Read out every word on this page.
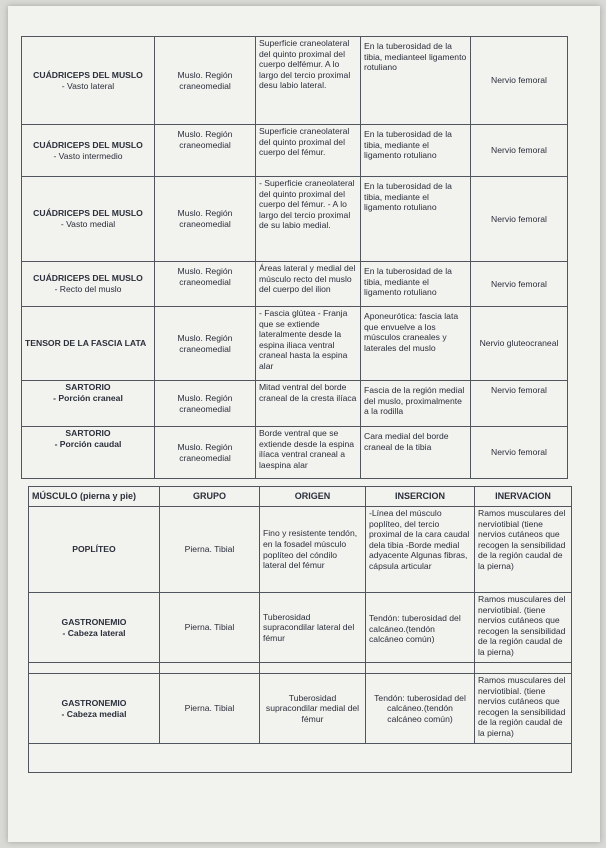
CUÁDRICEPS DEL MUSLO
- Vasto lateral	Muslo. Región craneomedial	Superficie craneolateral del quinto proximal del cuerpo delfémur. A lo largo del tercio proximal desu labio lateral.	En la tuberosidad de la tibia, medianteel ligamento rotuliano	Nervio femoral
CUÁDRICEPS DEL MUSLO
- Vasto intermedio	Muslo. Región craneomedial	Superficie craneolateral del quinto proximal del cuerpo del fémur.	En la tuberosidad de la tibia, mediante el ligamento rotuliano	Nervio femoral
CUÁDRICEPS DEL MUSLO
- Vasto medial	Muslo. Región craneomedial	- Superficie craneolateral del quinto proximal del cuerpo del fémur. - A lo largo del tercio proximal de su labio medial.	En la tuberosidad de la tibia, mediante el ligamento rotuliano	Nervio femoral
CUÁDRICEPS DEL MUSLO
- Recto del muslo	Muslo. Región craneomedial	Áreas lateral y medial del músculo recto del muslo del cuerpo del ilion	En la tuberosidad de la tibia, mediante el ligamento rotuliano	Nervio femoral
TENSOR DE LA FASCIA LATA	Muslo. Región craneomedial	- Fascia glútea - Franja que se extiende lateralmente desde la espina iliaca ventral craneal hasta la espina alar	Aponeurótica: fascia lata que envuelve a los músculos craneales y laterales del muslo	Nervio gluteocraneal
SARTORIO
- Porción craneal	Muslo. Región craneomedial	Mitad ventral del borde craneal de la cresta ilíaca	Fascia de la región medial del muslo, proximalmente a la rodilla	Nervio femoral
SARTORIO
- Porción caudal	Muslo. Región craneomedial	Borde ventral que se extiende desde la espina ilíaca ventral craneal a laespina alar	Cara medial del borde craneal de la tibia	Nervio femoral
MÚSCULO (pierna y pie)	GRUPO	ORIGEN	INSERCION	INERVACION
POPLÍTEO	Pierna. Tibial	Fino y resistente tendón, en la fosadel músculo poplíteo del cóndilo lateral del fémur	-Línea del músculo poplíteo, del tercio proximal de la cara caudal dela tibia -Borde medial adyacente Algunas fibras, cápsula articular	Ramos musculares del nerviotibial (tiene nervios cutáneos que recogen la sensibilidad de la región caudal de la pierna)
GASTRONEMIO
- Cabeza lateral	Pierna. Tibial	Tuberosidad supracondilar lateral del fémur	Tendón: tuberosidad del calcáneo.(tendón calcáneo común)	Ramos musculares del nerviotibial. (tiene nervios cutáneos que recogen la sensibilidad de la región caudal de la pierna)

GASTRONEMIO
- Cabeza medial	Pierna. Tibial	Tuberosidad supracondilar medial del fémur	Tendón: tuberosidad del calcáneo.(tendón calcáneo común)	Ramos musculares del nerviotibial. (tiene nervios cutáneos que recogen la sensibilidad de la región caudal de la pierna)
